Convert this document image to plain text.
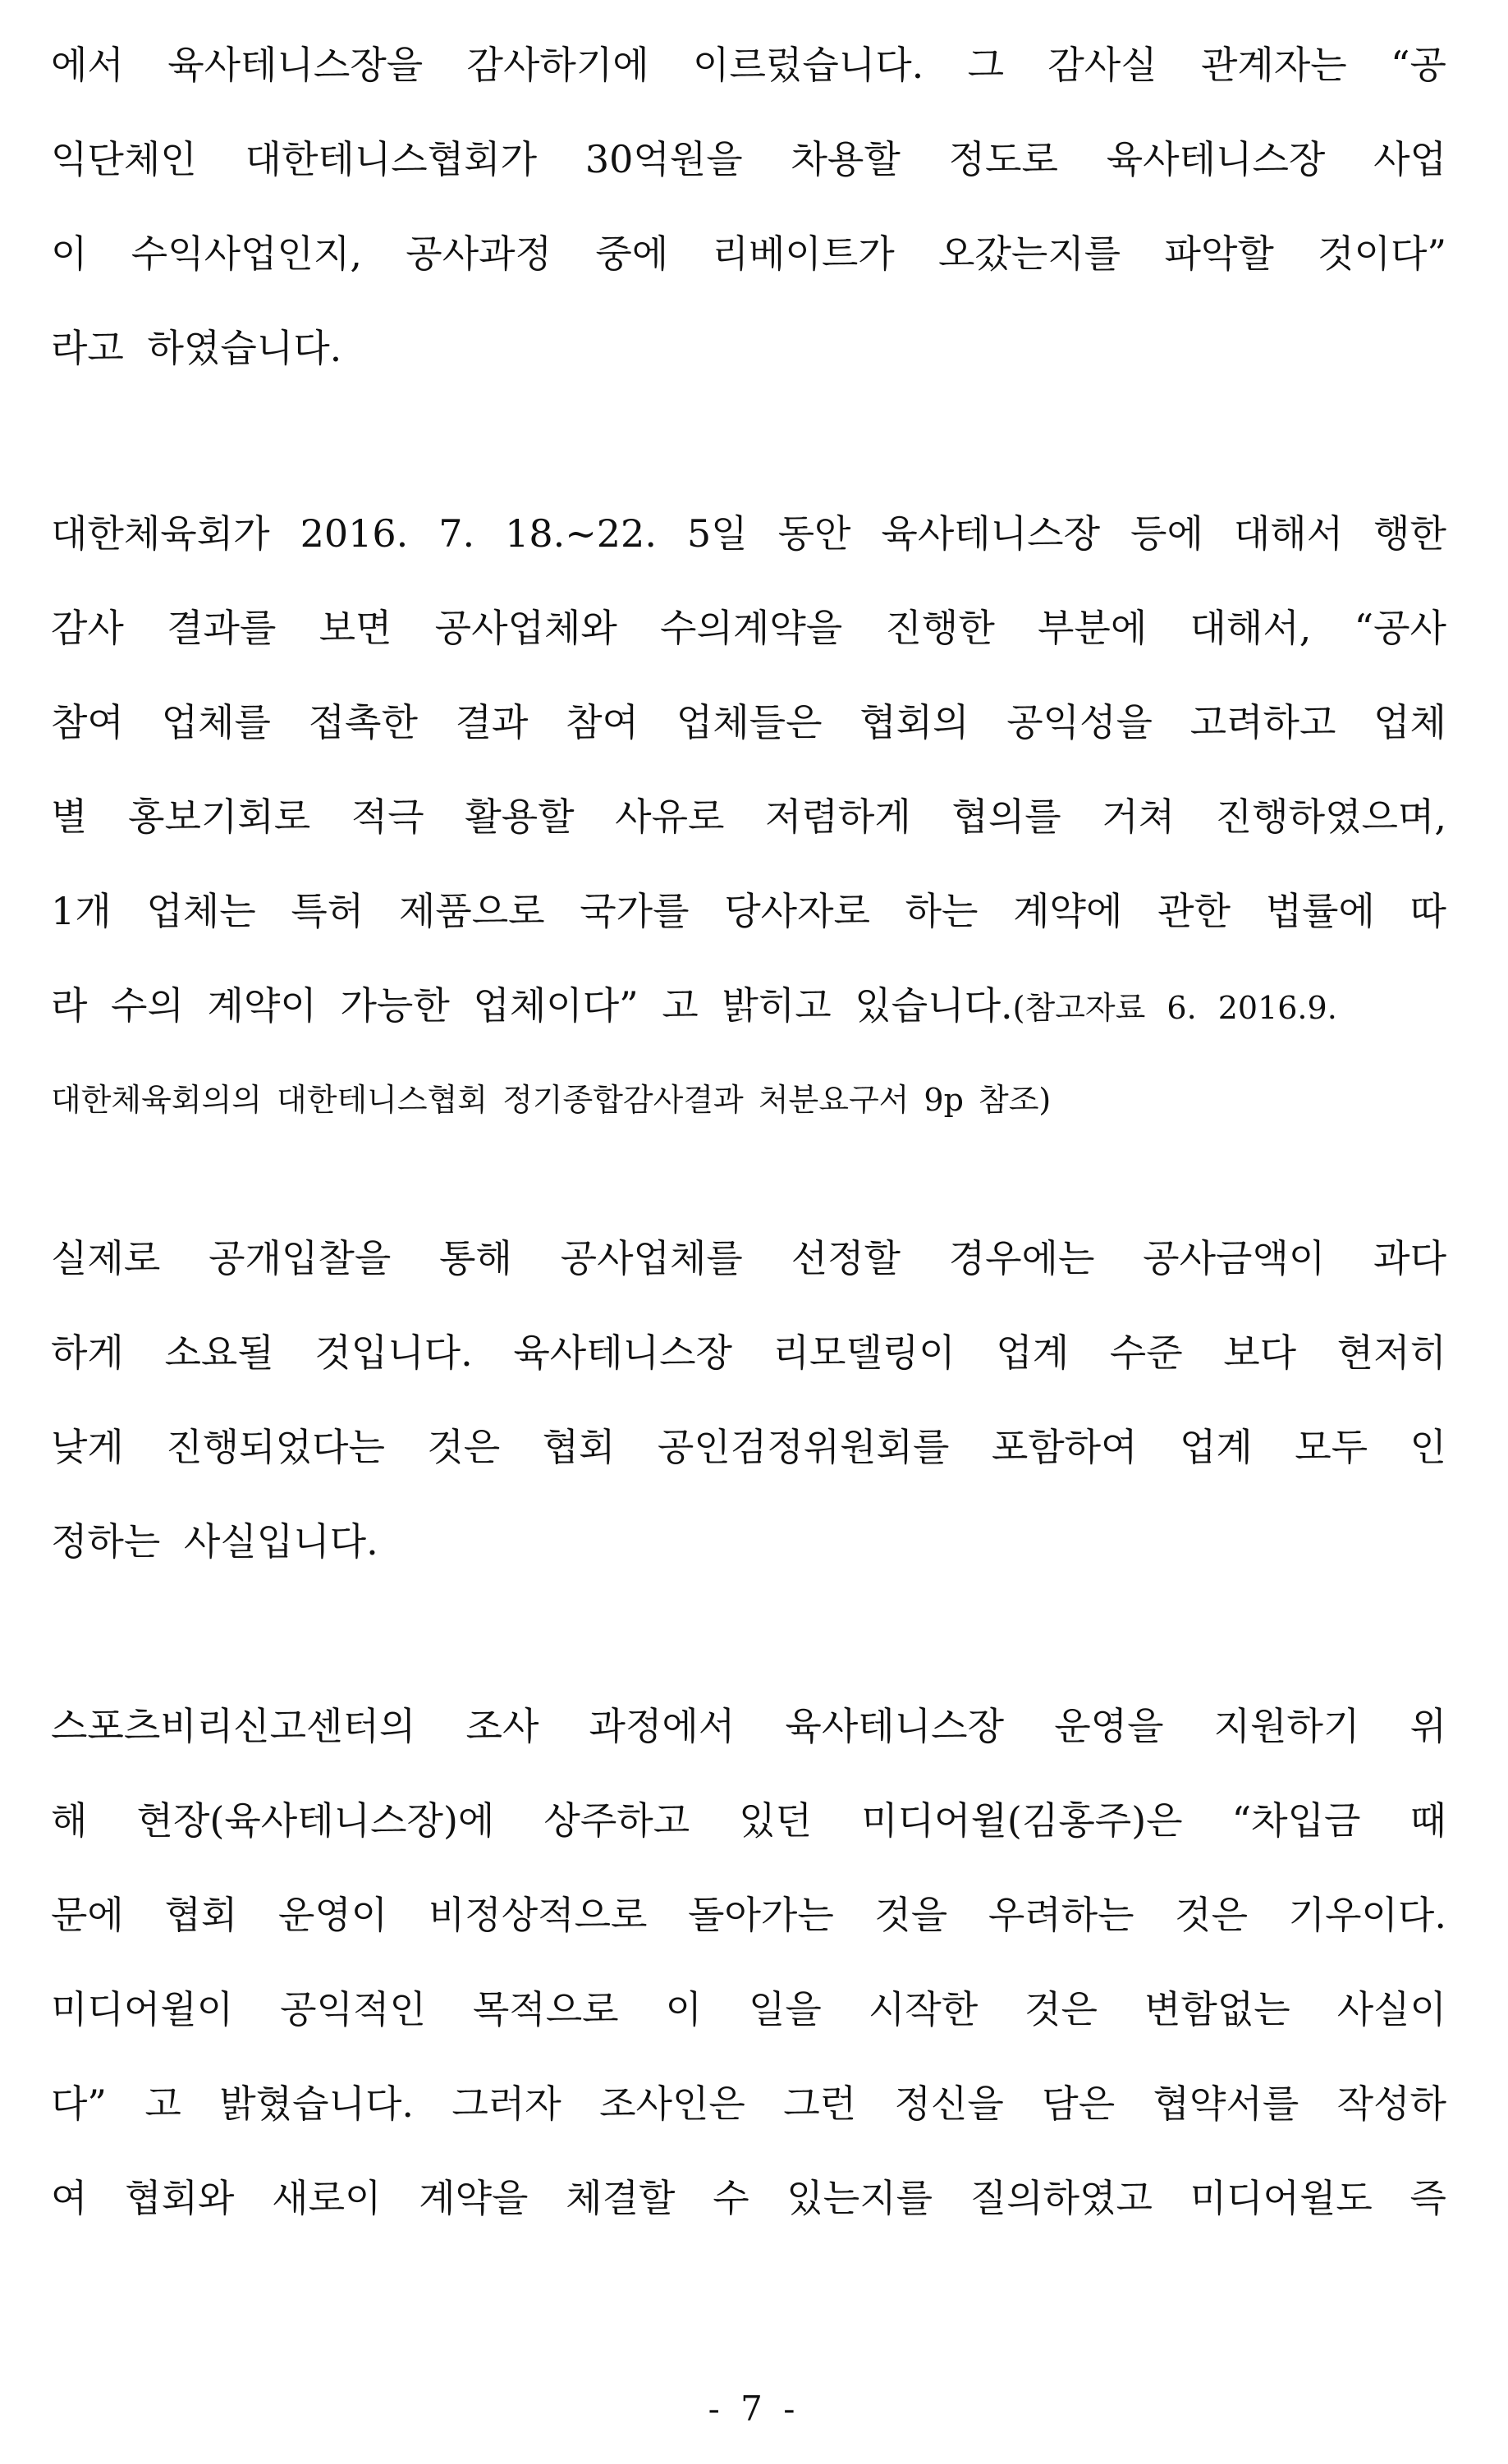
에서 육사테니스장을 감사하기에 이르렀습니다. 그 감사실 관계자는 “공
익단체인 대한테니스협회가 30억원을 차용할 정도로 육사테니스장 사업
이 수익사업인지, 공사과정 중에 리베이트가 오갔는지를 파악할 것이다”
라고 하였습니다.
대한체육회가 2016. 7. 18.~22. 5일 동안 육사테니스장 등에 대해서 행한
감사 결과를 보면 공사업체와 수의계약을 진행한 부분에 대해서, “공사
참여 업체를 접촉한 결과 참여 업체들은 협회의 공익성을 고려하고 업체
별 홍보기회로 적극 활용할 사유로 저렴하게 협의를 거쳐 진행하였으며,
1개 업체는 특허 제품으로 국가를 당사자로 하는 계약에 관한 법률에 따
라 수의 계약이 가능한 업체이다” 고 밝히고 있습니다.(참고자료 6. 2016.9.
대한체육회의의 대한테니스협회 정기종합감사결과 처분요구서 9p 참조)
실제로 공개입찰을 통해 공사업체를 선정할 경우에는 공사금액이 과다
하게 소요될 것입니다. 육사테니스장 리모델링이 업계 수준 보다 현저히
낮게 진행되었다는 것은 협회 공인검정위원회를 포함하여 업계 모두 인
정하는 사실입니다.
스포츠비리신고센터의 조사 과정에서 육사테니스장 운영을 지원하기 위
해 현장(육사테니스장)에 상주하고 있던 미디어윌(김홍주)은 “차입금 때
문에 협회 운영이 비정상적으로 돌아가는 것을 우려하는 것은 기우이다.
미디어윌이 공익적인 목적으로 이 일을 시작한 것은 변함없는 사실이
다” 고 밝혔습니다. 그러자 조사인은 그런 정신을 담은 협약서를 작성하
여 협회와 새로이 계약을 체결할 수 있는지를 질의하였고 미디어윌도 즉
- 7 -
